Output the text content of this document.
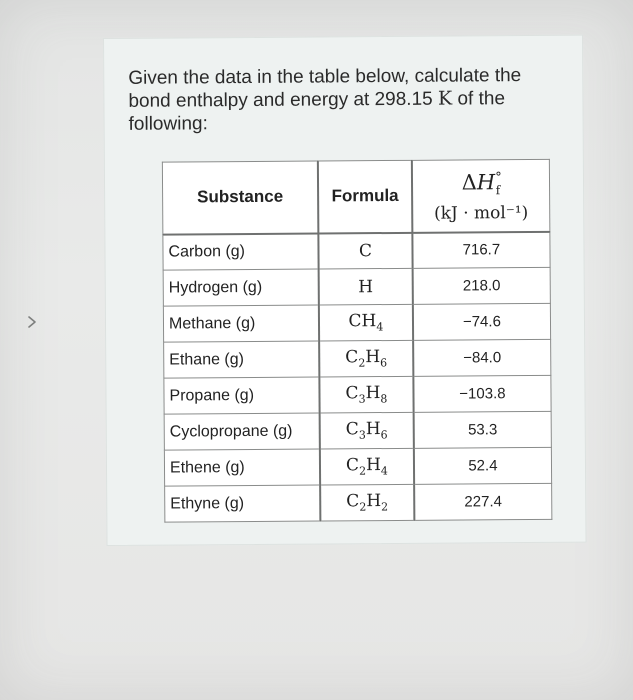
Given the data in the table below, calculate the bond enthalpy and energy at 298.15 K of the following:

Substance	Formula	$\Delta H^\circ_f$
(kJ · mol⁻¹)

Carbon (g)	C	716.7
Hydrogen (g)	H	218.0
Methane (g)	$CH_4$	−74.6
Ethane (g)	$C_2H_6$	−84.0
Propane (g)	$C_3H_8$	−103.8
Cyclopropane (g)	$C_3H_6$	53.3
Ethene (g)	$C_2H_4$	52.4
Ethyne (g)	$C_2H_2$	227.4
